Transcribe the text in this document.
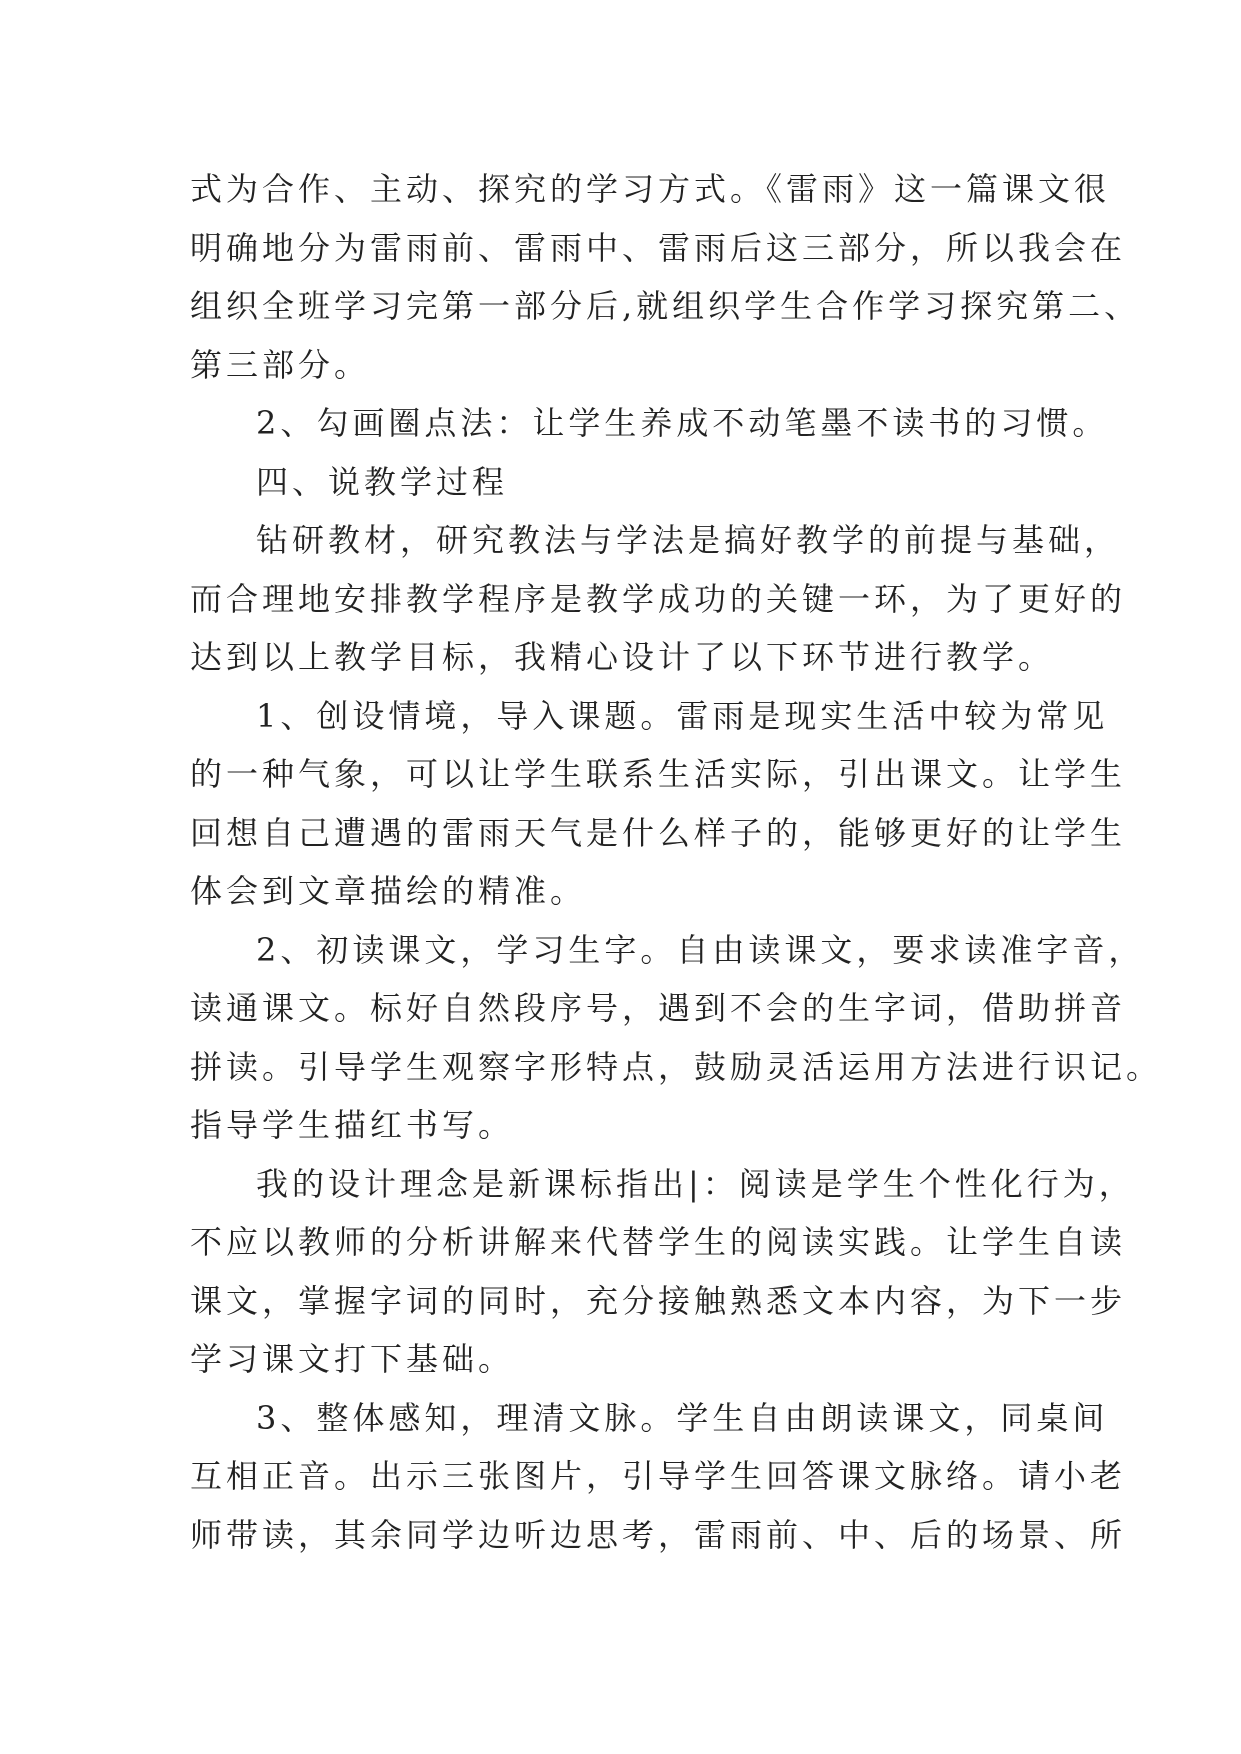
式为合作、主动、探究的学习方式。《雷雨》这一篇课文很
明确地分为雷雨前、雷雨中、雷雨后这三部分，所以我会在
组织全班学习完第一部分后,就组织学生合作学习探究第二、
第三部分。
2、勾画圈点法：让学生养成不动笔墨不读书的习惯。
四、说教学过程
钻研教材，研究教法与学法是搞好教学的前提与基础，
而合理地安排教学程序是教学成功的关键一环，为了更好的
达到以上教学目标，我精心设计了以下环节进行教学。
1、创设情境，导入课题。雷雨是现实生活中较为常见
的一种气象，可以让学生联系生活实际，引出课文。让学生
回想自己遭遇的雷雨天气是什么样子的，能够更好的让学生
体会到文章描绘的精准。
2、初读课文，学习生字。自由读课文，要求读准字音，
读通课文。标好自然段序号，遇到不会的生字词，借助拼音
拼读。引导学生观察字形特点，鼓励灵活运用方法进行识记。
指导学生描红书写。
我的设计理念是新课标指出|：阅读是学生个性化行为，
不应以教师的分析讲解来代替学生的阅读实践。让学生自读
课文，掌握字词的同时，充分接触熟悉文本内容，为下一步
学习课文打下基础。
3、整体感知，理清文脉。学生自由朗读课文，同桌间
互相正音。出示三张图片，引导学生回答课文脉络。请小老
师带读，其余同学边听边思考，雷雨前、中、后的场景、所
